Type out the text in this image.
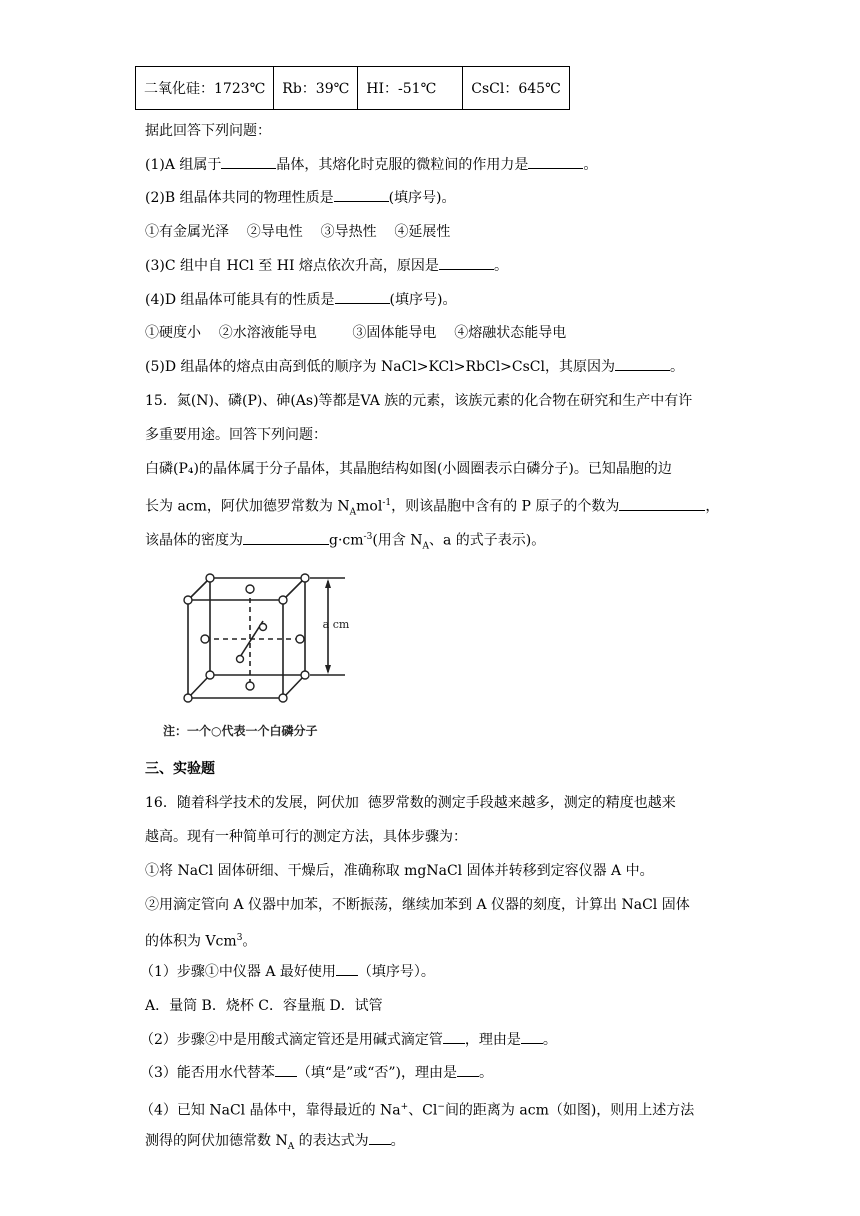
二氧化硅：1723℃	Rb：39℃	HI：-51℃	CsCl：645℃
据此回答下列问题：
(1)A 组属于	晶体，其熔化时克服的微粒间的作用力是	。
(2)B 组晶体共同的物理性质是	(填序号)。
①有金属光泽    ②导电性    ③导热性    ④延展性
(3)C 组中自 HCl 至 HI 熔点依次升高，原因是	。
(4)D 组晶体可能具有的性质是	(填序号)。
①硬度小    ②水溶液能导电        ③固体能导电    ④熔融状态能导电
(5)D 组晶体的熔点由高到低的顺序为 NaCl>KCl>RbCl>CsCl，其原因为	。
15．氮(N)、磷(P)、砷(As)等都是VA 族的元素，该族元素的化合物在研究和生产中有许
多重要用途。回答下列问题：
白磷(P₄)的晶体属于分子晶体，其晶胞结构如图(小圆圈表示白磷分子)。已知晶胞的边
长为 acm，阿伏加德罗常数为 $N_Amol^{-1}$，则该晶胞中含有的 P 原子的个数为	，
该晶体的密度为	$g\cdot cm^{-3}$(用含 $N_A$、a 的式子表示)。
a cm
注：一个○代表一个白磷分子
三、实验题
16．随着科学技术的发展，阿伏加  德罗常数的测定手段越来越多，测定的精度也越来
越高。现有一种简单可行的测定方法，具体步骤为：
①将 NaCl 固体研细、干燥后，准确称取 mgNaCl 固体并转移到定容仪器 A 中。
②用滴定管向 A 仪器中加苯，不断振荡，继续加苯到 A 仪器的刻度，计算出 NaCl 固体
的体积为 Vcm$^3$。
（1）步骤①中仪器 A 最好使用 （填序号）。
A．量筒 B．烧杯 C．容量瓶 D．试管
（2）步骤②中是用酸式滴定管还是用碱式滴定管 ，理由是 。
（3）能否用水代替苯 （填“是”或“否”)，理由是 。
（4）已知 NaCl 晶体中，靠得最近的 Na+、Cl−间的距离为 acm（如图)，则用上述方法
测得的阿伏加德常数 $N_A$ 的表达式为 。
